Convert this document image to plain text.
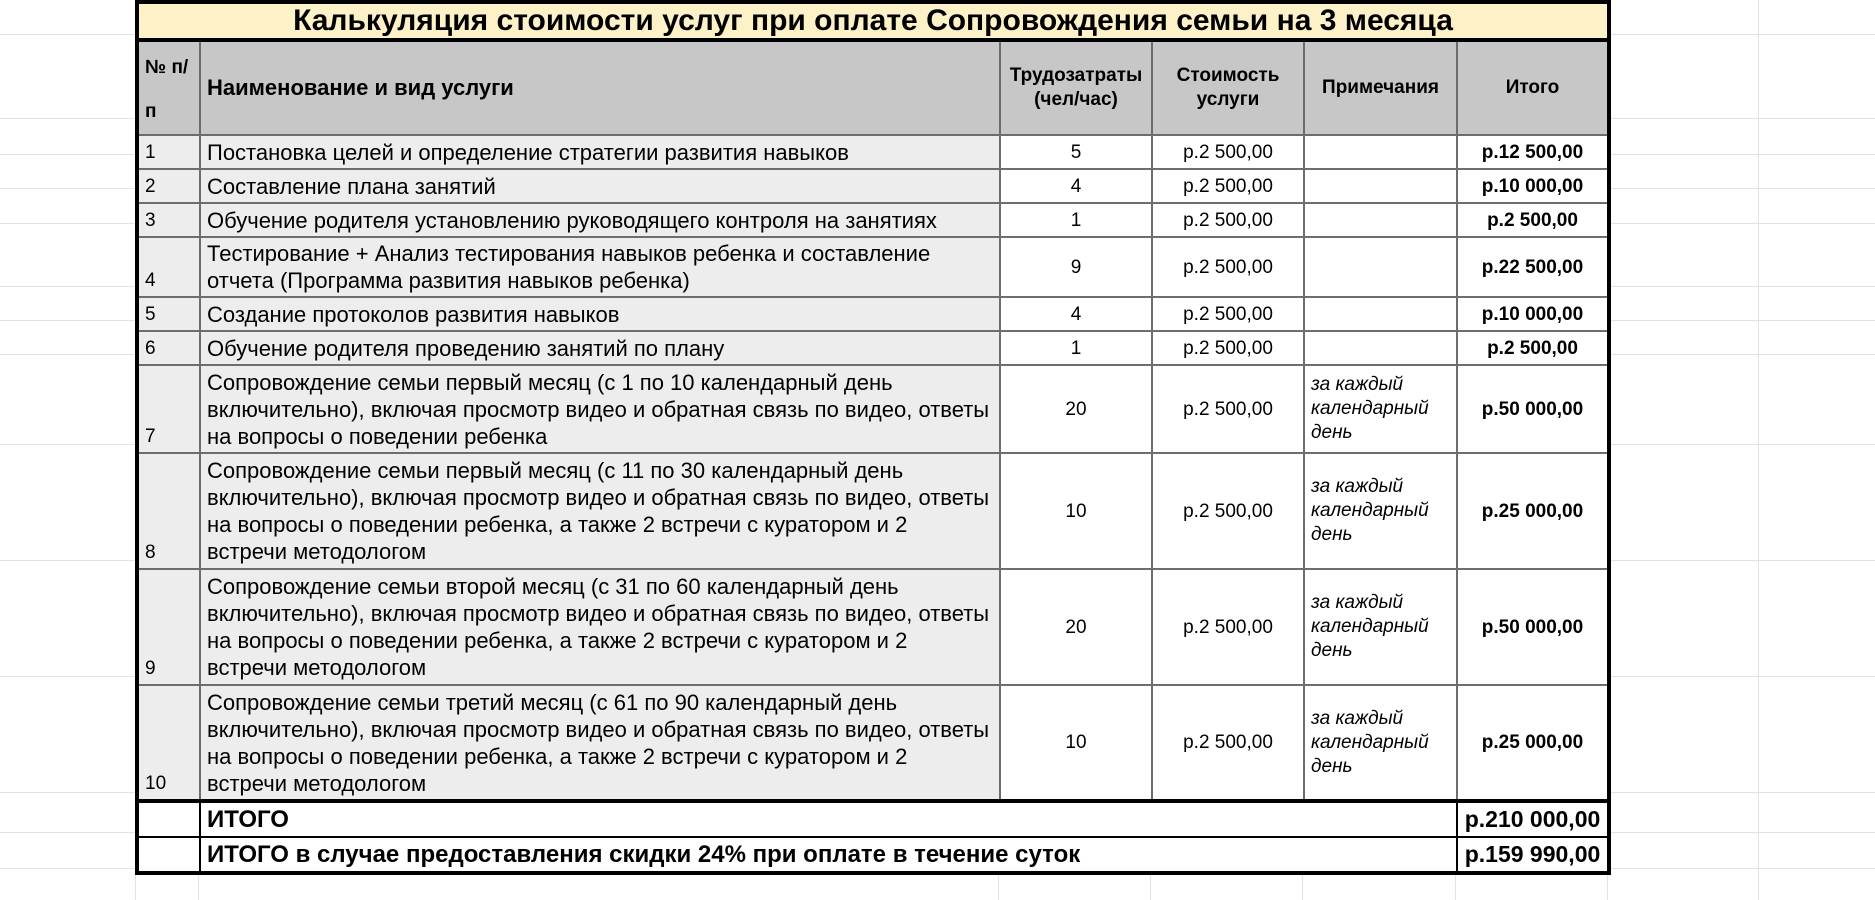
Калькуляция стоимости услуг при оплате Сопровождения семьи на 3 месяца					
№ п/п	Наименование и вид услуги	Трудозатраты (чел/час)	Стоимость услуги	Примечания	Итого
1	Постановка целей и определение стратегии развития навыков	5	р.2 500,00		р.12 500,00
2	Составление плана занятий	4	р.2 500,00		р.10 000,00
3	Обучение родителя установлению руководящего контроля на занятиях	1	р.2 500,00		р.2 500,00
4	Тестирование + Анализ тестирования навыков ребенка и составление отчета (Программа развития навыков ребенка)	9	р.2 500,00		р.22 500,00
5	Создание протоколов развития навыков	4	р.2 500,00		р.10 000,00
6	Обучение родителя проведению занятий по плану	1	р.2 500,00		р.2 500,00
7	Сопровождение семьи первый месяц (с 1 по 10 календарный день включительно), включая просмотр видео и обратная связь по видео, ответы на вопросы о поведении ребенка	20	р.2 500,00	за каждый календарный день	р.50 000,00
8	Сопровождение семьи первый месяц (с 11 по 30 календарный день включительно), включая просмотр видео и обратная связь по видео, ответы на вопросы о поведении ребенка, а также 2 встречи с куратором и 2 встречи методологом	10	р.2 500,00	за каждый календарный день	р.25 000,00
9	Сопровождение семьи второй месяц (с 31 по 60 календарный день включительно), включая просмотр видео и обратная связь по видео, ответы на вопросы о поведении ребенка, а также 2 встречи с куратором и 2 встречи методологом	20	р.2 500,00	за каждый календарный день	р.50 000,00
10	Сопровождение семьи третий месяц (с 61 по 90 календарный день включительно), включая просмотр видео и обратная связь по видео, ответы на вопросы о поведении ребенка, а также 2 встречи с куратором и 2 встречи методологом	10	р.2 500,00	за каждый календарный день	р.25 000,00
	ИТОГО				р.210 000,00
	ИТОГО в случае предоставления скидки 24% при оплате в течение суток				р.159 990,00
